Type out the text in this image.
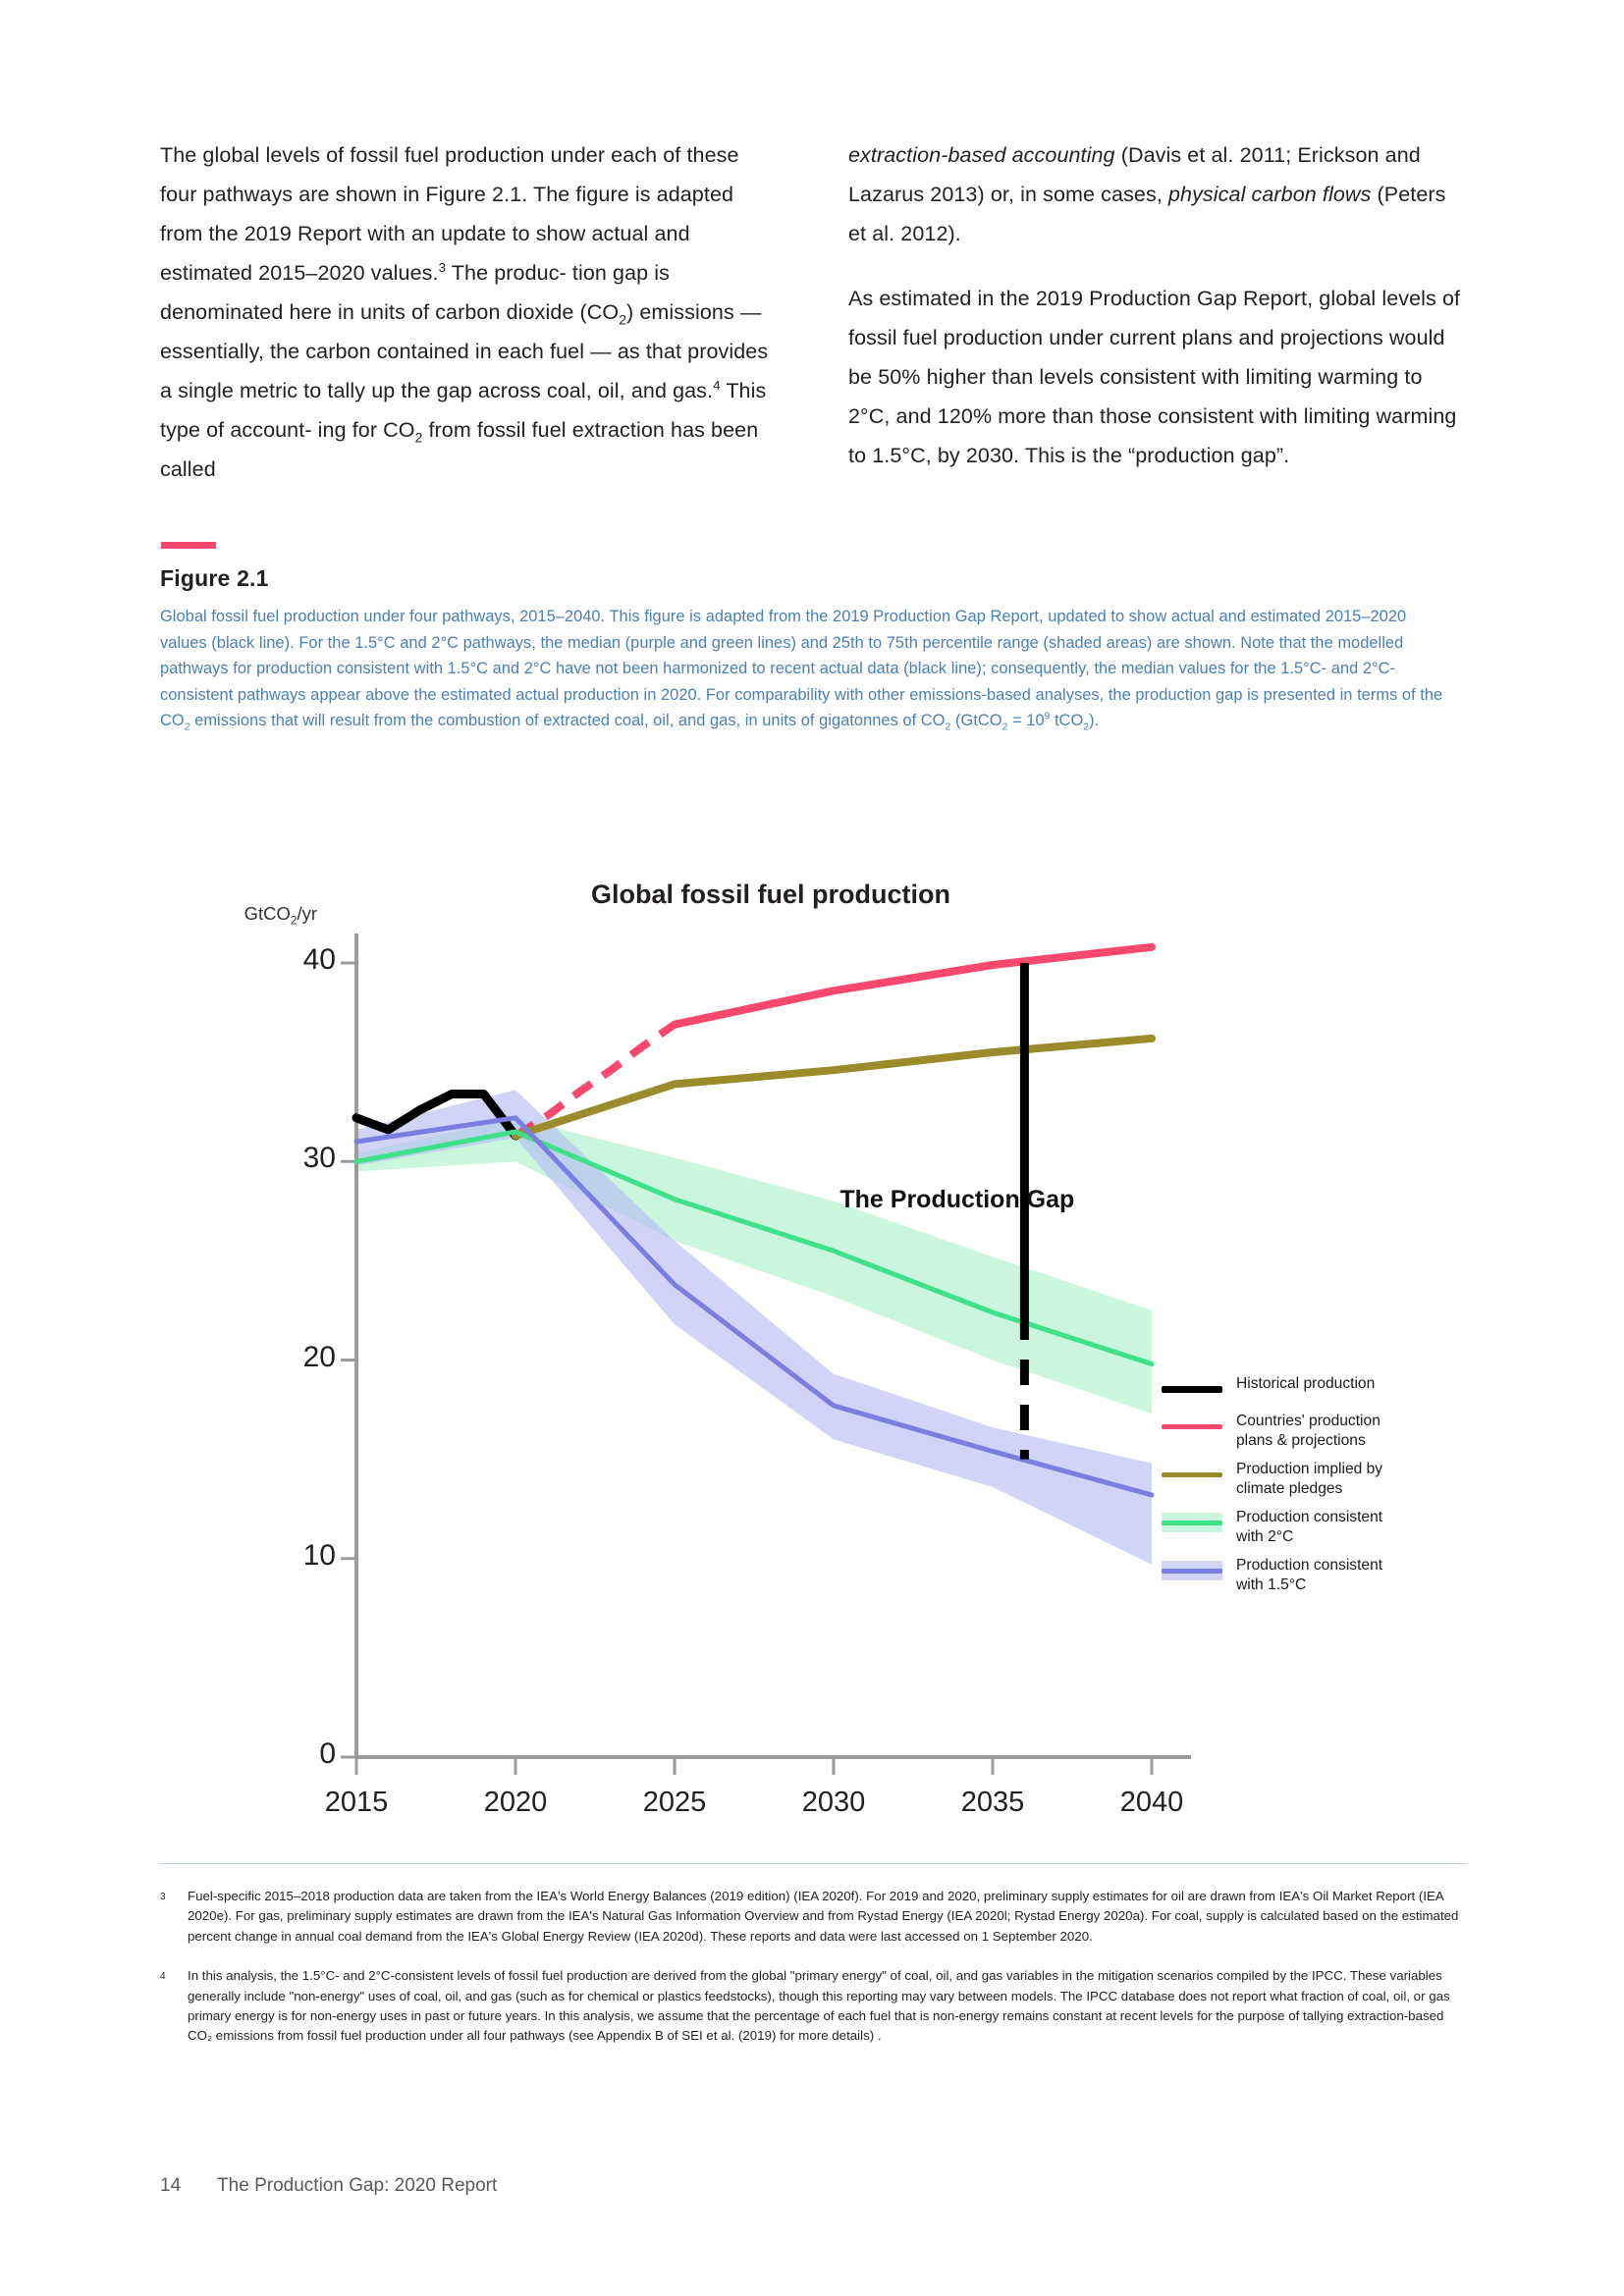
The global levels of fossil fuel production under each of these four pathways are shown in Figure 2.1. The figure is adapted from the 2019 Report with an update to show actual and estimated 2015–2020 values.$^3$ The produc‑ tion gap is denominated here in units of carbon dioxide $(CO_2)$ emissions — essentially, the carbon contained in each fuel — as that provides a single metric to tally up the gap across coal, oil, and gas.$^4$ This type of account‑ ing for $CO_2$ from fossil fuel extraction has been called

extraction-based accounting (Davis et al. 2011; Erickson and Lazarus 2013) or, in some cases, physical carbon flows (Peters et al. 2012).

As estimated in the 2019 Production Gap Report, global levels of fossil fuel production under current plans and projections would be 50% higher than levels consistent with limiting warming to 2°C, and 120% more than those consistent with limiting warming to 1.5°C, by 2030. This is the “production gap”.

Figure 2.1
Global fossil fuel production under four pathways, 2015–2040. This figure is adapted from the 2019 Production Gap Report, updated to show actual and estimated 2015–2020 values (black line). For the 1.5°C and 2°C pathways, the median (purple and green lines) and 25th to 75th percentile range (shaded areas) are shown. Note that the modelled pathways for production consistent with 1.5°C and 2°C have not been harmonized to recent actual data (black line); consequently, the median values for the 1.5°C- and 2°C-consistent pathways appear above the estimated actual production in 2020. For comparability with other emissions-based analyses, the production gap is presented in terms of the $CO_2$ emissions that will result from the combustion of extracted coal, oil, and gas, in units of gigatonnes of $CO_2$ (GtCO$_2$ = $10^9$ tCO$_2$).
Global fossil fuel production
GtCO$_2$/yr
Historical production
Countries' production
plans & projections
Production implied by
climate pledges
Production consistent
with 2°C
Production consistent
with 1.5°C
0
10
20
30
40
2015	2020	2025	2030	2035	2040
The Production Gap
3	Fuel-specific 2015–2018 production data are taken from the IEA's World Energy Balances (2019 edition) (IEA 2020f). For 2019 and 2020, preliminary supply estimates for oil are drawn from IEA's Oil Market Report (IEA 2020e). For gas, preliminary supply estimates are drawn from the IEA's Natural Gas Information Overview and from Rystad Energy (IEA 2020l; Rystad Energy 2020a). For coal, supply is calculated based on the estimated percent change in annual coal demand from the IEA's Global Energy Review (IEA 2020d). These reports and data were last accessed on 1 September 2020.
4	In this analysis, the 1.5°C- and 2°C-consistent levels of fossil fuel production are derived from the global "primary energy" of coal, oil, and gas variables in the mitigation scenarios compiled by the IPCC. These variables generally include "non-energy" uses of coal, oil, and gas (such as for chemical or plastics feedstocks), though this reporting may vary between models. The IPCC database does not report what fraction of coal, oil, or gas primary energy is for non-energy uses in past or future years. In this analysis, we assume that the percentage of each fuel that is non-energy remains constant at recent levels for the purpose of tallying extraction-based CO₂ emissions from fossil fuel production under all four pathways (see Appendix B of SEI et al. (2019) for more details) .
14 The Production Gap: 2020 Report
